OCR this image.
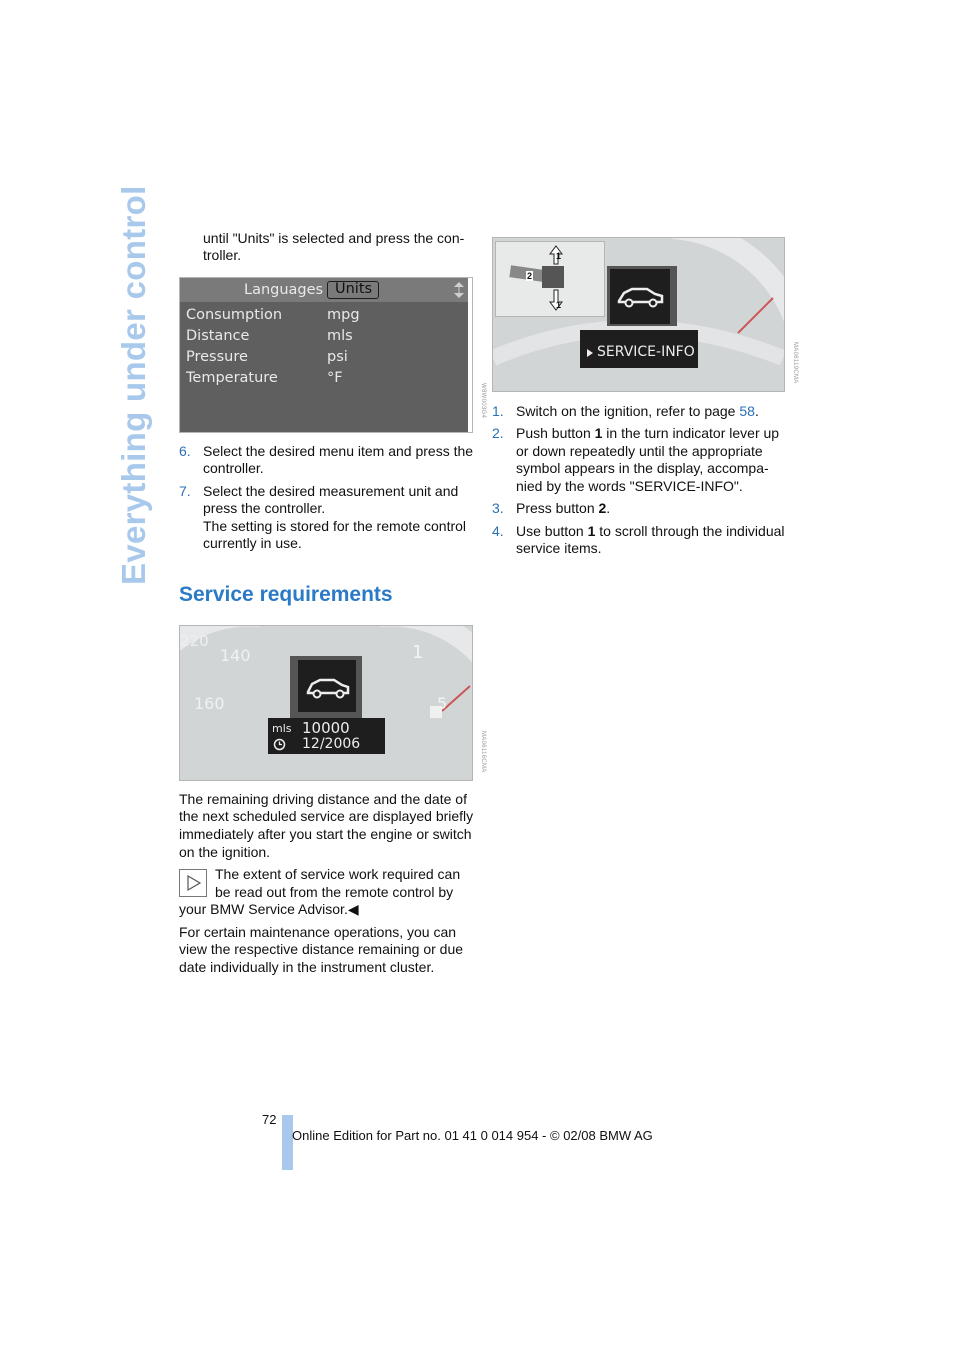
Everything under control	until "Units" is selected and press the con-
troller.
Languages Units
Consumption	mpg
Distance	mls
Pressure	psi
Temperature	°F
W8W003G4
6. Select the desired menu item and press the
controller.
7. Select the desired measurement unit and
press the controller.
The setting is stored for the remote control
currently in use.
Service requirements
220
140
160
1
5
mls 10000
12/2006	MA06116CMA
The remaining driving distance and the date of
the next scheduled service are displayed briefly
immediately after you start the engine or switch
on the ignition.
The extent of service work required can
be read out from the remote control by
your BMW Service Advisor.◀
For certain maintenance operations, you can
view the respective distance remaining or due
date individually in the instrument cluster.
1
1
2
SERVICE-INFO	MA06119CMA
1. Switch on the ignition, refer to page 58.
2. Push button 1 in the turn indicator lever up
or down repeatedly until the appropriate
symbol appears in the display, accompa-
nied by the words "SERVICE-INFO".
3. Press button 2.
4. Use button 1 to scroll through the individual
service items.
72
Online Edition for Part no. 01 41 0 014 954 - © 02/08 BMW AG
